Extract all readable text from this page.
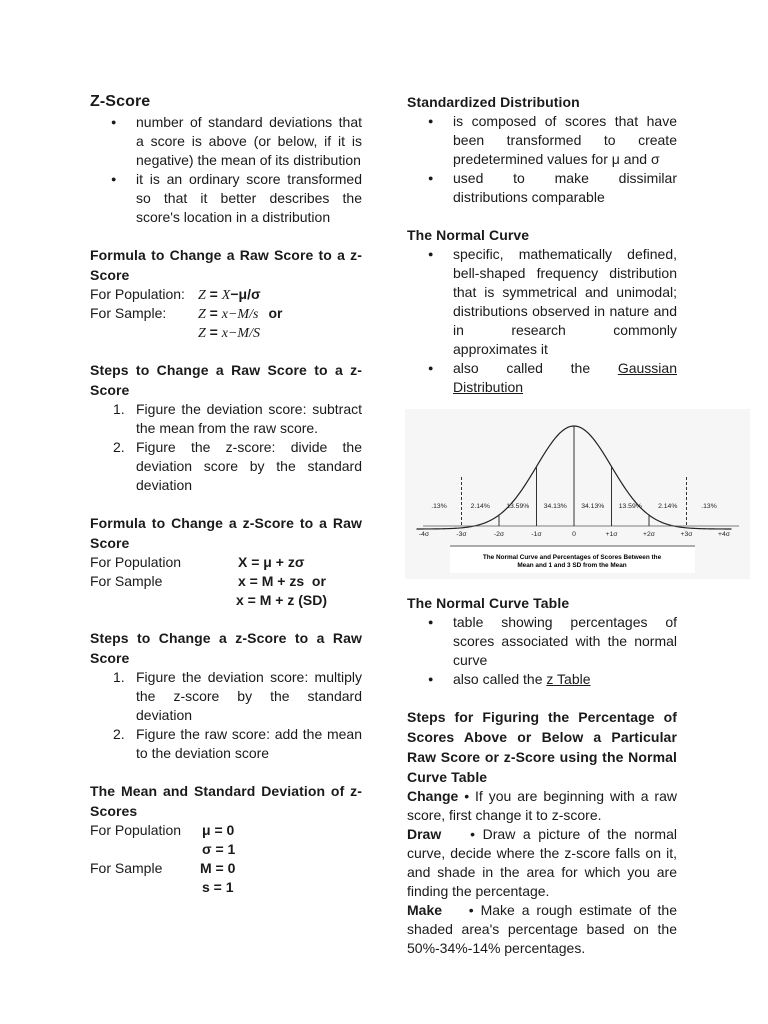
Z-Score
● number of standard deviations that a score is above (or below, if it is negative) the mean of its distribution
● it is an ordinary score transformed so that it better describes the score's location in a distribution

Formula to Change a Raw Score to a z-Score

For Population: Z = X −μ/σ
For Sample:	Z = x−M/s or
Z = x−M/S

Steps to Change a Raw Score to a z-Score

1. Figure the deviation score: subtract the mean from the raw score.
2. Figure the z-score: divide the deviation score by the standard deviation

Formula to Change a z-Score to a Raw Score

For Population	X = μ + zσ
For Sample	x = M + zs  or
x = M + z (SD)

Steps to Change a z-Score to a Raw Score

1. Figure the deviation score: multiply the z-score by the standard deviation
2. Figure the raw score: add the mean to the deviation score

The Mean and Standard Deviation of z-Scores

For Population	μ = 0
σ = 1
For Sample	M = 0
s = 1

Standardized Distribution

● is composed of scores that have been transformed to create predetermined values for μ and σ
● used to make dissimilar distributions comparable

The Normal Curve

● specific, mathematically defined, bell-shaped frequency distribution that is symmetrical and unimodal; distributions observed in nature and in research commonly approximates it
● also called the Gaussian Distribution
.13%	2.14% 13.59% 34.13% 34.13% 13.59% 2.14%	.13%
-4σ	-3σ	-2σ	-1σ	0	+1σ	+2σ	+3σ	+4σ
The Normal Curve and Percentages of Scores Between the
Mean and 1 and 3 SD from the Mean

The Normal Curve Table

● table showing percentages of scores associated with the normal curve
● also called the z Table

Steps for Figuring the Percentage of Scores Above or Below a Particular Raw Score or z-Score using the Normal Curve Table

Change • If you are beginning with a raw score, first change it to z-score.
Draw  • Draw a picture of the normal curve, decide where the z-score falls on it, and shade in the area for which you are finding the percentage.
Make  • Make a rough estimate of the shaded area's percentage based on the 50%-34%-14% percentages.
